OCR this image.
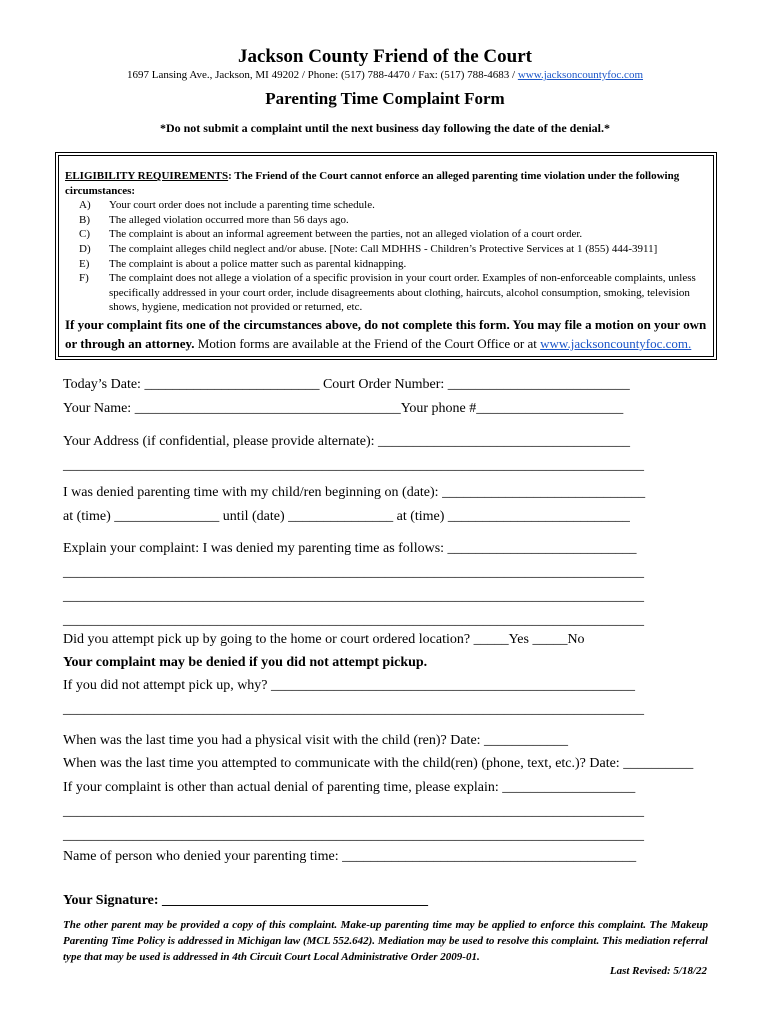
Jackson County Friend of the Court
1697 Lansing Ave., Jackson, MI 49202 / Phone: (517) 788-4470 / Fax: (517) 788-4683 / www.jacksoncountyfoc.com
Parenting Time Complaint Form
*Do not submit a complaint until the next business day following the date of the denial.*
ELIGIBILITY REQUIREMENTS: The Friend of the Court cannot enforce an alleged parenting time violation under the following circumstances:
A)	Your court order does not include a parenting time schedule.
B)	The alleged violation occurred more than 56 days ago.
C)	The complaint is about an informal agreement between the parties, not an alleged violation of a court order.
D)	The complaint alleges child neglect and/or abuse. [Note: Call MDHHS - Children’s Protective Services at 1 (855) 444-3911]
E)	The complaint is about a police matter such as parental kidnapping.
F)	The complaint does not allege a violation of a specific provision in your court order. Examples of non-enforceable complaints, unless specifically addressed in your court order, include disagreements about clothing, haircuts, alcohol consumption, smoking, television shows, hygiene, medication not provided or returned, etc.
If your complaint fits one of the circumstances above, do not complete this form. You may file a motion on your own or through an attorney. Motion forms are available at the Friend of the Court Office or at www.jacksoncountyfoc.com.
Today’s Date: _________________________ Court Order Number: __________________________
Your Name: ______________________________________Your phone #_____________________
Your Address (if confidential, please provide alternate): ____________________________________
___________________________________________________________________________________
I was denied parenting time with my child/ren beginning on (date): _____________________________
at (time) _______________ until (date) _______________ at (time) __________________________
Explain your complaint: I was denied my parenting time as follows: ___________________________
___________________________________________________________________________________
___________________________________________________________________________________
___________________________________________________________________________________
Did you attempt pick up by going to the home or court ordered location? _____Yes _____No
Your complaint may be denied if you did not attempt pickup.
If you did not attempt pick up, why? ____________________________________________________
___________________________________________________________________________________
When was the last time you had a physical visit with the child (ren)? Date: ____________
When was the last time you attempted to communicate with the child(ren) (phone, text, etc.)? Date: __________
If your complaint is other than actual denial of parenting time, please explain: ___________________
___________________________________________________________________________________
___________________________________________________________________________________
Name of person who denied your parenting time: __________________________________________
Your Signature: ______________________________________
The other parent may be provided a copy of this complaint. Make-up parenting time may be applied to enforce this complaint. The Makeup Parenting Time Policy is addressed in Michigan law (MCL 552.642). Mediation may be used to resolve this complaint. This mediation referral type that may be used is addressed in 4th Circuit Court Local Administrative Order 2009-01.
Last Revised: 5/18/22
